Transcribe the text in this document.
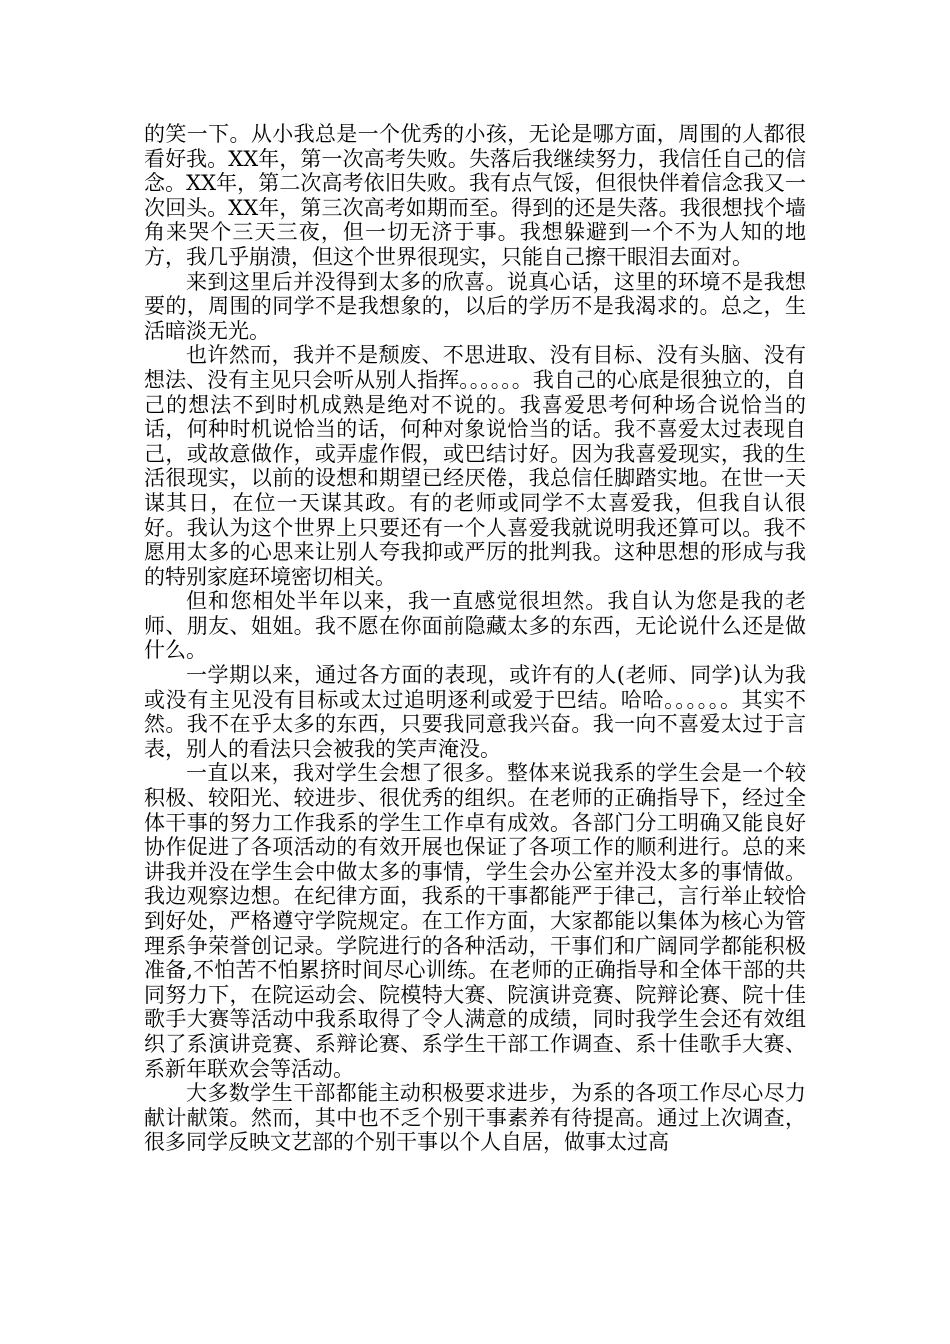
的笑一下。从小我总是一个优秀的小孩，无论是哪方面，周围的人都很看好我。XX年，第一次高考失败。失落后我继续努力，我信任自己的信念。XX年，第二次高考依旧失败。我有点气馁，但很快伴着信念我又一次回头。XX年，第三次高考如期而至。得到的还是失落。我很想找个墙角来哭个三天三夜，但一切无济于事。我想躲避到一个不为人知的地方，我几乎崩溃，但这个世界很现实，只能自己擦干眼泪去面对。

来到这里后并没得到太多的欣喜。说真心话，这里的环境不是我想要的，周围的同学不是我想象的，以后的学历不是我渴求的。总之，生活暗淡无光。

也许然而，我并不是颓废、不思进取、没有目标、没有头脑、没有想法、没有主见只会听从别人指挥。。。。。。我自己的心底是很独立的，自己的想法不到时机成熟是绝对不说的。我喜爱思考何种场合说恰当的话，何种时机说恰当的话，何种对象说恰当的话。我不喜爱太过表现自己，或故意做作，或弄虚作假，或巴结讨好。因为我喜爱现实，我的生活很现实，以前的设想和期望已经厌倦，我总信任脚踏实地。在世一天谋其日，在位一天谋其政。有的老师或同学不太喜爱我，但我自认很好。我认为这个世界上只要还有一个人喜爱我就说明我还算可以。我不愿用太多的心思来让别人夸我抑或严厉的批判我。这种思想的形成与我的特别家庭环境密切相关。

但和您相处半年以来，我一直感觉很坦然。我自认为您是我的老师、朋友、姐姐。我不愿在你面前隐藏太多的东西，无论说什么还是做什么。

一学期以来，通过各方面的表现，或许有的人(老师、同学)认为我或没有主见没有目标或太过追明逐利或爱于巴结。哈哈。。。。。。其实不然。我不在乎太多的东西，只要我同意我兴奋。我一向不喜爱太过于言表，别人的看法只会被我的笑声淹没。

一直以来，我对学生会想了很多。整体来说我系的学生会是一个较积极、较阳光、较进步、很优秀的组织。在老师的正确指导下，经过全体干事的努力工作我系的学生工作卓有成效。各部门分工明确又能良好协作促进了各项活动的有效开展也保证了各项工作的顺利进行。总的来讲我并没在学生会中做太多的事情，学生会办公室并没太多的事情做。我边观察边想。在纪律方面，我系的干事都能严于律己，言行举止较恰到好处，严格遵守学院规定。在工作方面，大家都能以集体为核心为管理系争荣誉创记录。学院进行的各种活动，干事们和广阔同学都能积极准备,不怕苦不怕累挤时间尽心训练。在老师的正确指导和全体干部的共同努力下，在院运动会、院模特大赛、院演讲竞赛、院辩论赛、院十佳歌手大赛等活动中我系取得了令人满意的成绩，同时我学生会还有效组织了系演讲竞赛、系辩论赛、系学生干部工作调查、系十佳歌手大赛、系新年联欢会等活动。

大多数学生干部都能主动积极要求进步，为系的各项工作尽心尽力献计献策。然而，其中也不乏个别干事素养有待提高。通过上次调查，很多同学反映文艺部的个别干事以个人自居，做事太过高
